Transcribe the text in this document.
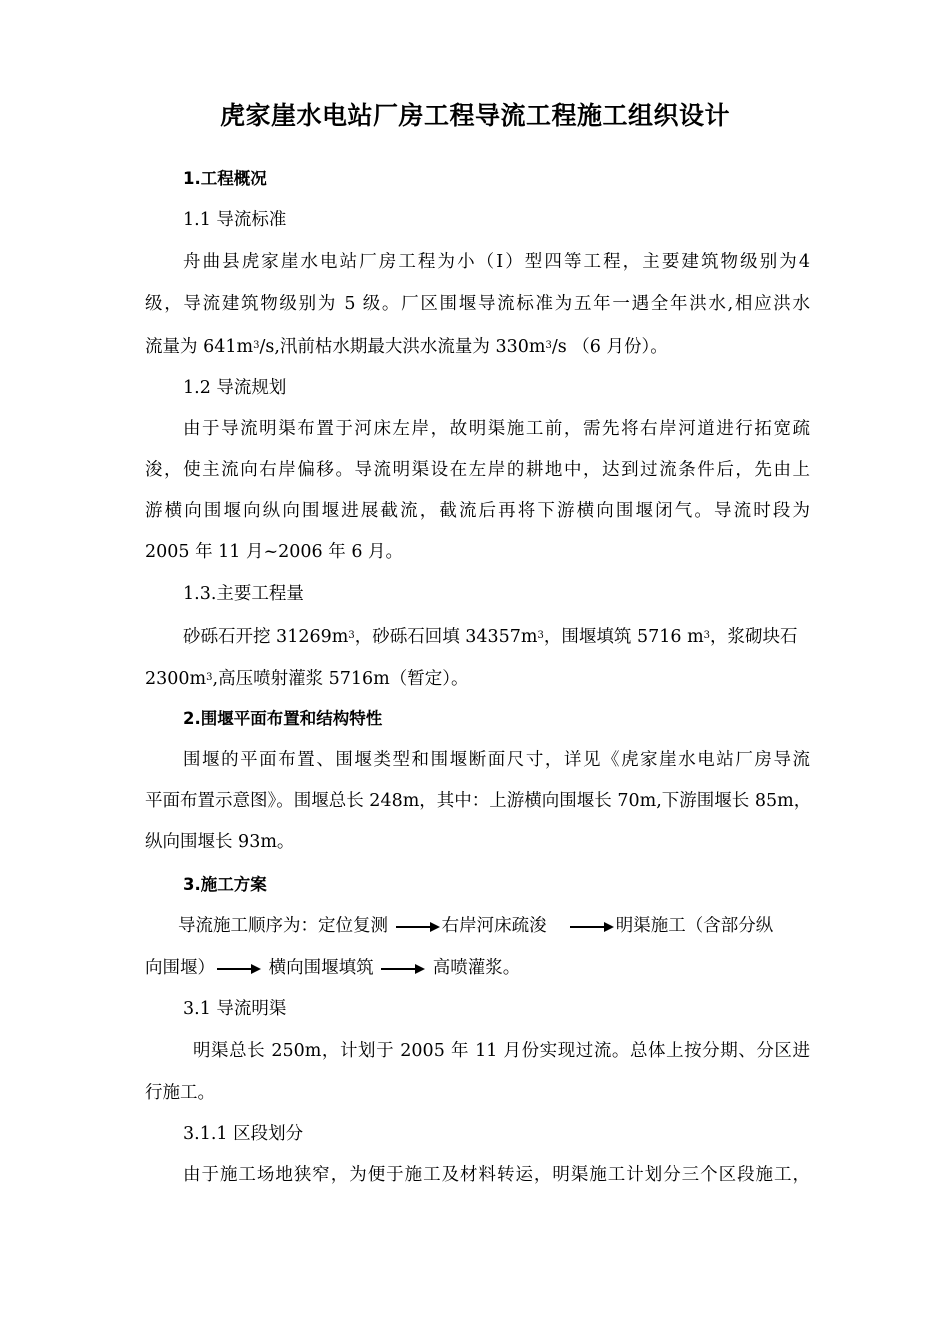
虎家崖水电站厂房工程导流工程施工组织设计
1.工程概况
1.1 导流标准
舟曲县虎家崖水电站厂房工程为小（Ⅰ）型四等工程，主要建筑物级别为4
级，导流建筑物级别为 5 级。厂区围堰导流标准为五年一遇全年洪水,相应洪水
流量为 $641m^3/s$,汛前枯水期最大洪水流量为 $330m^3/s$ （6 月份）。
1.2 导流规划
由于导流明渠布置于河床左岸，故明渠施工前，需先将右岸河道进行拓宽疏
浚，使主流向右岸偏移。导流明渠设在左岸的耕地中，达到过流条件后，先由上
游横向围堰向纵向围堰进展截流，截流后再将下游横向围堰闭气。导流时段为
2005 年 11 月~2006 年 6 月。
1.3.主要工程量
砂砾石开挖 $31269m^3$，砂砾石回填 $34357m^3$，围堰填筑 5716 $m^3$，浆砌块石
$2300m^3$,高压喷射灌浆 5716m（暂定）。
2.围堰平面布置和结构特性
围堰的平面布置、围堰类型和围堰断面尺寸，详见《虎家崖水电站厂房导流
平面布置示意图》。围堰总长 248m，其中：上游横向围堰长 70m,下游围堰长 85m，
纵向围堰长 93m。
3.施工方案
导流施工顺序为：定位复测	右岸河床疏浚	明渠施工（含部分纵
向围堰）	横向围堰填筑	高喷灌浆。
3.1 导流明渠
明渠总长 250m，计划于 2005 年 11 月份实现过流。总体上按分期、分区进
行施工。
3.1.1 区段划分
由于施工场地狭窄，为便于施工及材料转运，明渠施工计划分三个区段施工，
